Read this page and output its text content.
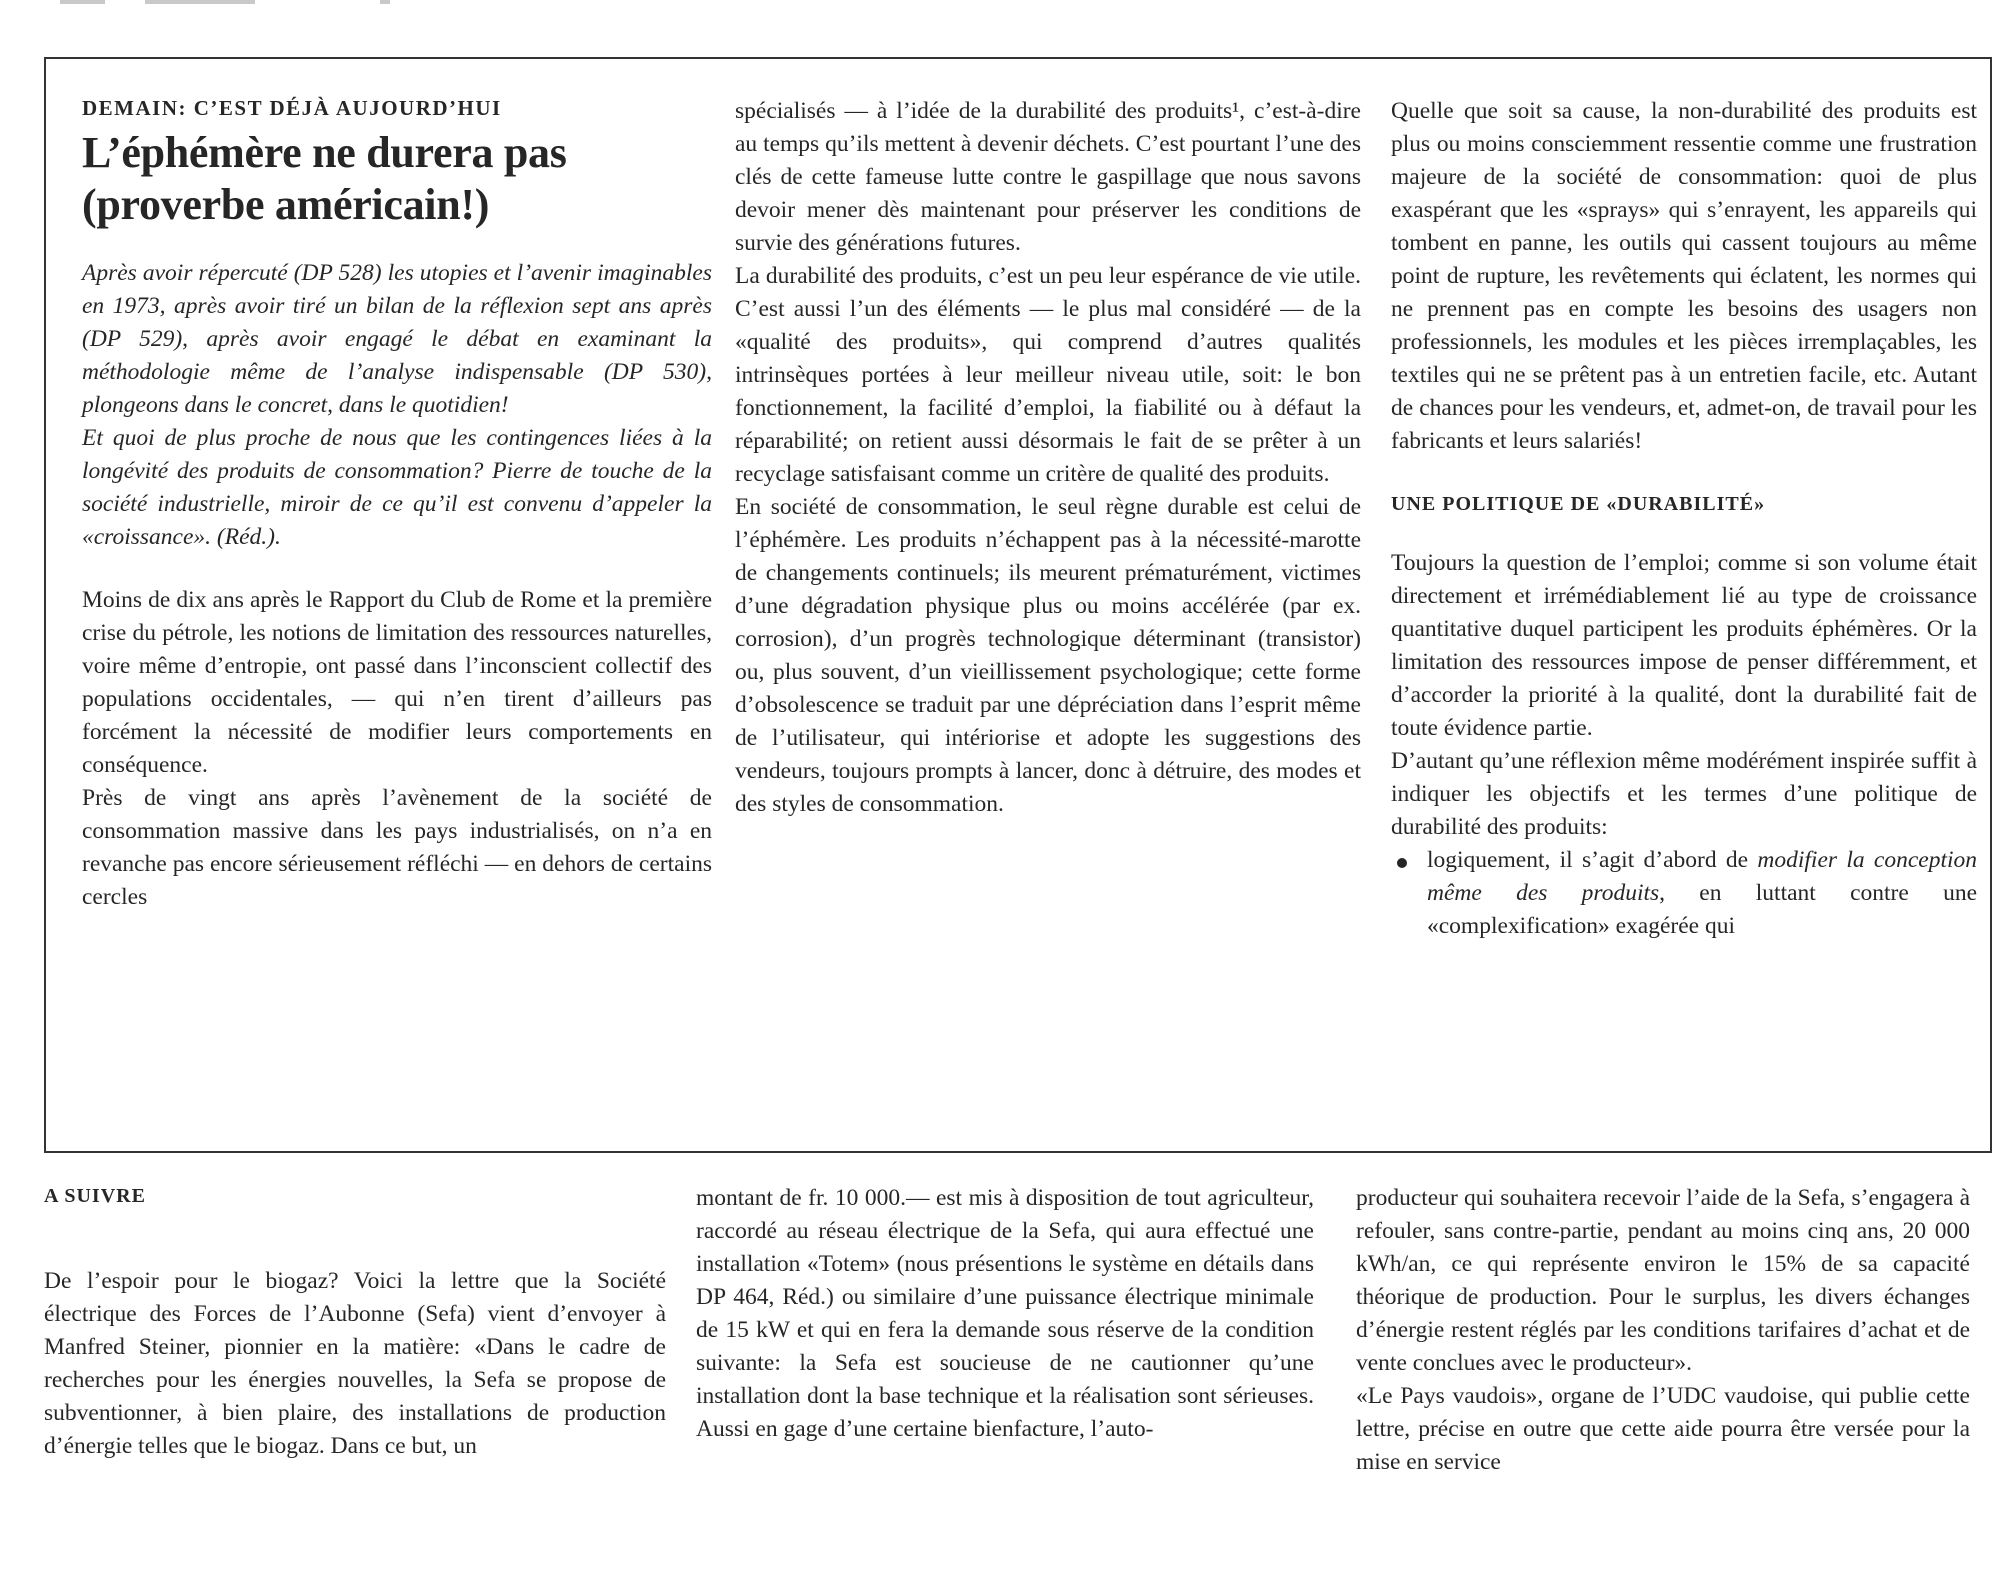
DEMAIN: C’EST DÉJÀ AUJOURD’HUI
L’éphémère ne durera pas (proverbe américain!)

Après avoir répercuté (DP 528) les utopies et l’avenir imaginables en 1973, après avoir tiré un bilan de la réflexion sept ans après (DP 529), après avoir engagé le débat en examinant la méthodologie même de l’analyse indispensable (DP 530), plongeons dans le concret, dans le quotidien!

Et quoi de plus proche de nous que les contingences liées à la longévité des produits de consommation? Pierre de touche de la société industrielle, miroir de ce qu’il est convenu d’appeler la «croissance». (Réd.).

Moins de dix ans après le Rapport du Club de Rome et la première crise du pétrole, les notions de limitation des ressources naturelles, voire même d’entropie, ont passé dans l’inconscient collectif des populations occidentales, — qui n’en tirent d’ailleurs pas forcément la nécessité de modifier leurs comportements en conséquence.

Près de vingt ans après l’avènement de la société de consommation massive dans les pays industrialisés, on n’a en revanche pas encore sérieusement réfléchi — en dehors de certains cercles

spécialisés — à l’idée de la durabilité des produits¹, c’est-à-dire au temps qu’ils mettent à devenir déchets. C’est pourtant l’une des clés de cette fameuse lutte contre le gaspillage que nous savons devoir mener dès maintenant pour préserver les conditions de survie des générations futures.

La durabilité des produits, c’est un peu leur espérance de vie utile. C’est aussi l’un des éléments — le plus mal considéré — de la «qualité des produits», qui comprend d’autres qualités intrinsèques portées à leur meilleur niveau utile, soit: le bon fonctionnement, la facilité d’emploi, la fiabilité ou à défaut la réparabilité; on retient aussi désormais le fait de se prêter à un recyclage satisfaisant comme un critère de qualité des produits.

En société de consommation, le seul règne durable est celui de l’éphémère. Les produits n’échappent pas à la nécessité-marotte de changements continuels; ils meurent prématurément, victimes d’une dégradation physique plus ou moins accélérée (par ex. corrosion), d’un progrès technologique déterminant (transistor) ou, plus souvent, d’un vieillissement psychologique; cette forme d’obsolescence se traduit par une dépréciation dans l’esprit même de l’utilisateur, qui intériorise et adopte les suggestions des vendeurs, toujours prompts à lancer, donc à détruire, des modes et des styles de consommation.

Quelle que soit sa cause, la non-durabilité des produits est plus ou moins consciemment ressentie comme une frustration majeure de la société de consommation: quoi de plus exaspérant que les «sprays» qui s’enrayent, les appareils qui tombent en panne, les outils qui cassent toujours au même point de rupture, les revêtements qui éclatent, les normes qui ne prennent pas en compte les besoins des usagers non professionnels, les modules et les pièces irremplaçables, les textiles qui ne se prêtent pas à un entretien facile, etc. Autant de chances pour les vendeurs, et, admet-on, de travail pour les fabricants et leurs salariés!

UNE POLITIQUE DE «DURABILITÉ»

Toujours la question de l’emploi; comme si son volume était directement et irrémédiablement lié au type de croissance quantitative duquel participent les produits éphémères. Or la limitation des ressources impose de penser différemment, et d’accorder la priorité à la qualité, dont la durabilité fait de toute évidence partie.

D’autant qu’une réflexion même modérément inspirée suffit à indiquer les objectifs et les termes d’une politique de durabilité des produits:

logiquement, il s’agit d’abord de modifier la conception même des produits, en luttant contre une «complexification» exagérée qui

A SUIVRE

De l’espoir pour le biogaz? Voici la lettre que la Société électrique des Forces de l’Aubonne (Sefa) vient d’envoyer à Manfred Steiner, pionnier en la matière: «Dans le cadre de recherches pour les énergies nouvelles, la Sefa se propose de subventionner, à bien plaire, des installations de production d’énergie telles que le biogaz. Dans ce but, un

montant de fr. 10 000.— est mis à disposition de tout agriculteur, raccordé au réseau électrique de la Sefa, qui aura effectué une installation «Totem» (nous présentions le système en détails dans DP 464, Réd.) ou similaire d’une puissance électrique minimale de 15 kW et qui en fera la demande sous réserve de la condition suivante: la Sefa est soucieuse de ne cautionner qu’une installation dont la base technique et la réalisation sont sérieuses. Aussi en gage d’une certaine bienfacture, l’auto-

producteur qui souhaitera recevoir l’aide de la Sefa, s’engagera à refouler, sans contre-partie, pendant au moins cinq ans, 20 000 kWh/an, ce qui représente environ le 15% de sa capacité théorique de production. Pour le surplus, les divers échanges d’énergie restent réglés par les conditions tarifaires d’achat et de vente conclues avec le producteur».

«Le Pays vaudois», organe de l’UDC vaudoise, qui publie cette lettre, précise en outre que cette aide pourra être versée pour la mise en service
